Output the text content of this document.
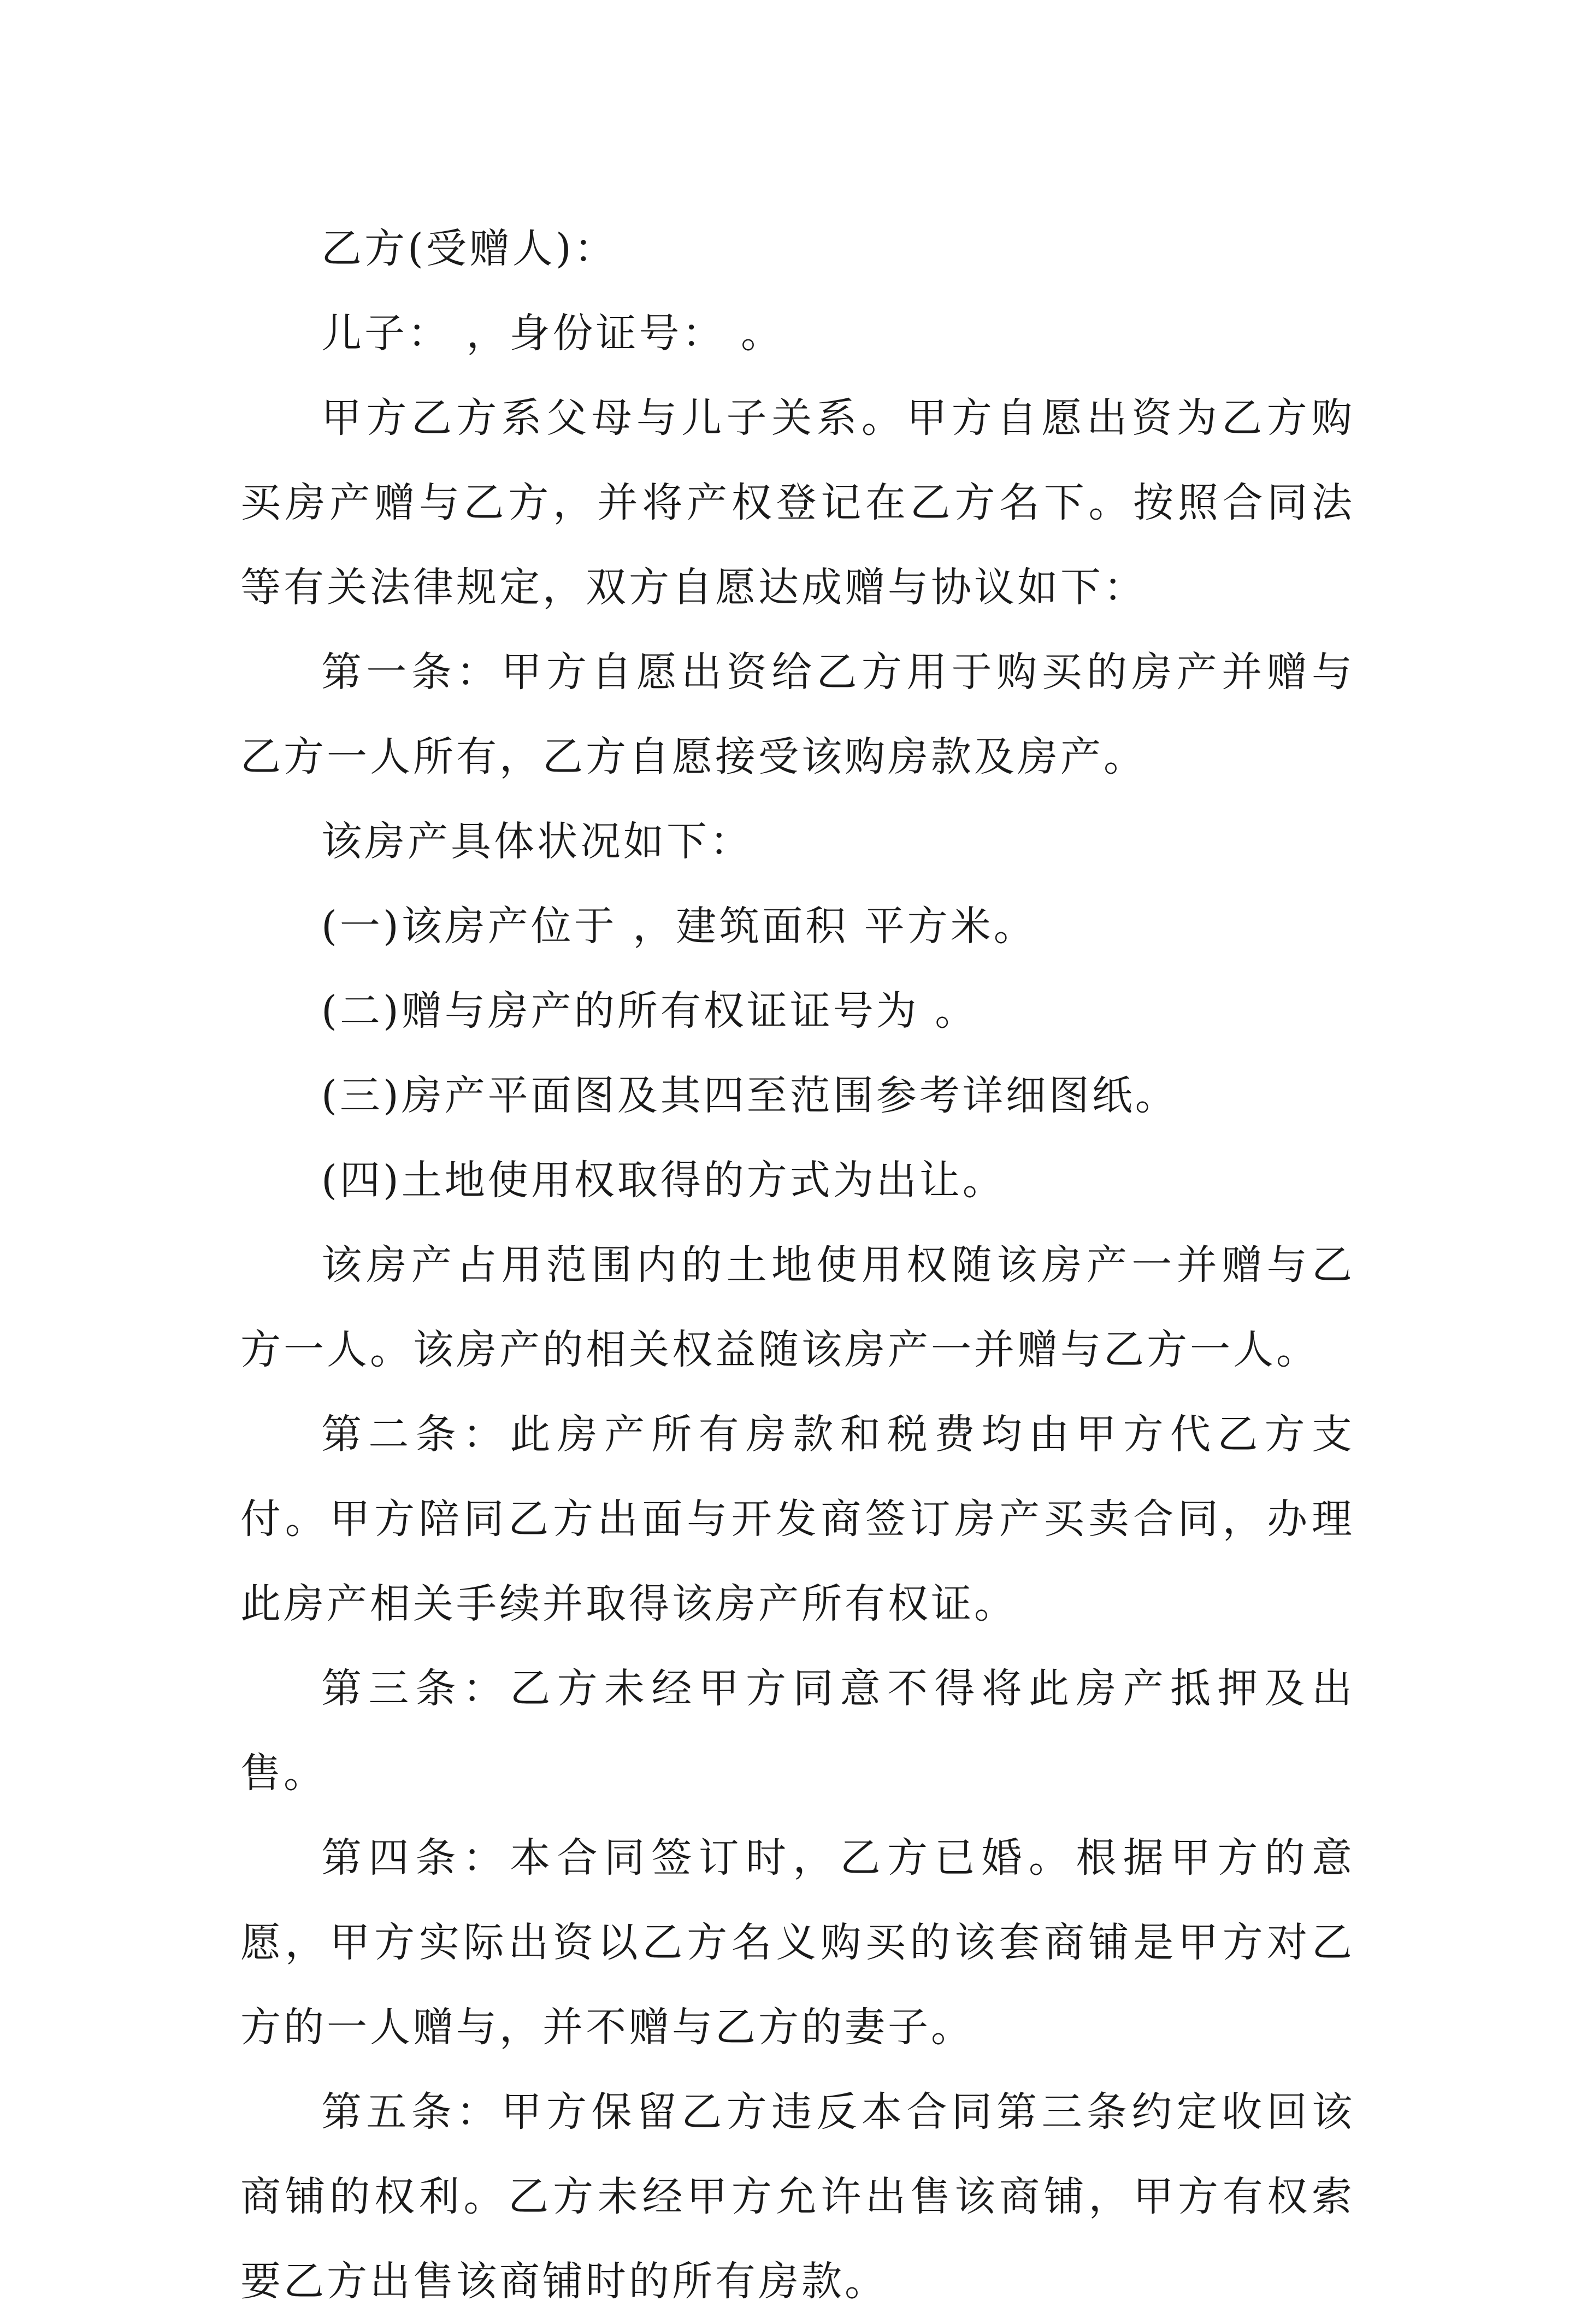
乙方(受赠人)：

儿子： ，身份证号： 。

甲方乙方系父母与儿子关系。甲方自愿出资为乙方购买房产赠与乙方，并将产权登记在乙方名下。按照合同法等有关法律规定，双方自愿达成赠与协议如下：

第一条：甲方自愿出资给乙方用于购买的房产并赠与乙方一人所有，乙方自愿接受该购房款及房产。

该房产具体状况如下：

(一)该房产位于 ，建筑面积 平方米。

(二)赠与房产的所有权证证号为 。

(三)房产平面图及其四至范围参考详细图纸。

(四)土地使用权取得的方式为出让。

该房产占用范围内的土地使用权随该房产一并赠与乙方一人。该房产的相关权益随该房产一并赠与乙方一人。

第二条：此房产所有房款和税费均由甲方代乙方支付。甲方陪同乙方出面与开发商签订房产买卖合同，办理此房产相关手续并取得该房产所有权证。

第三条：乙方未经甲方同意不得将此房产抵押及出售。

第四条：本合同签订时，乙方已婚。根据甲方的意愿，甲方实际出资以乙方名义购买的该套商铺是甲方对乙方的一人赠与，并不赠与乙方的妻子。

第五条：甲方保留乙方违反本合同第三条约定收回该商铺的权利。乙方未经甲方允许出售该商铺，甲方有权索要乙方出售该商铺时的所有房款。
